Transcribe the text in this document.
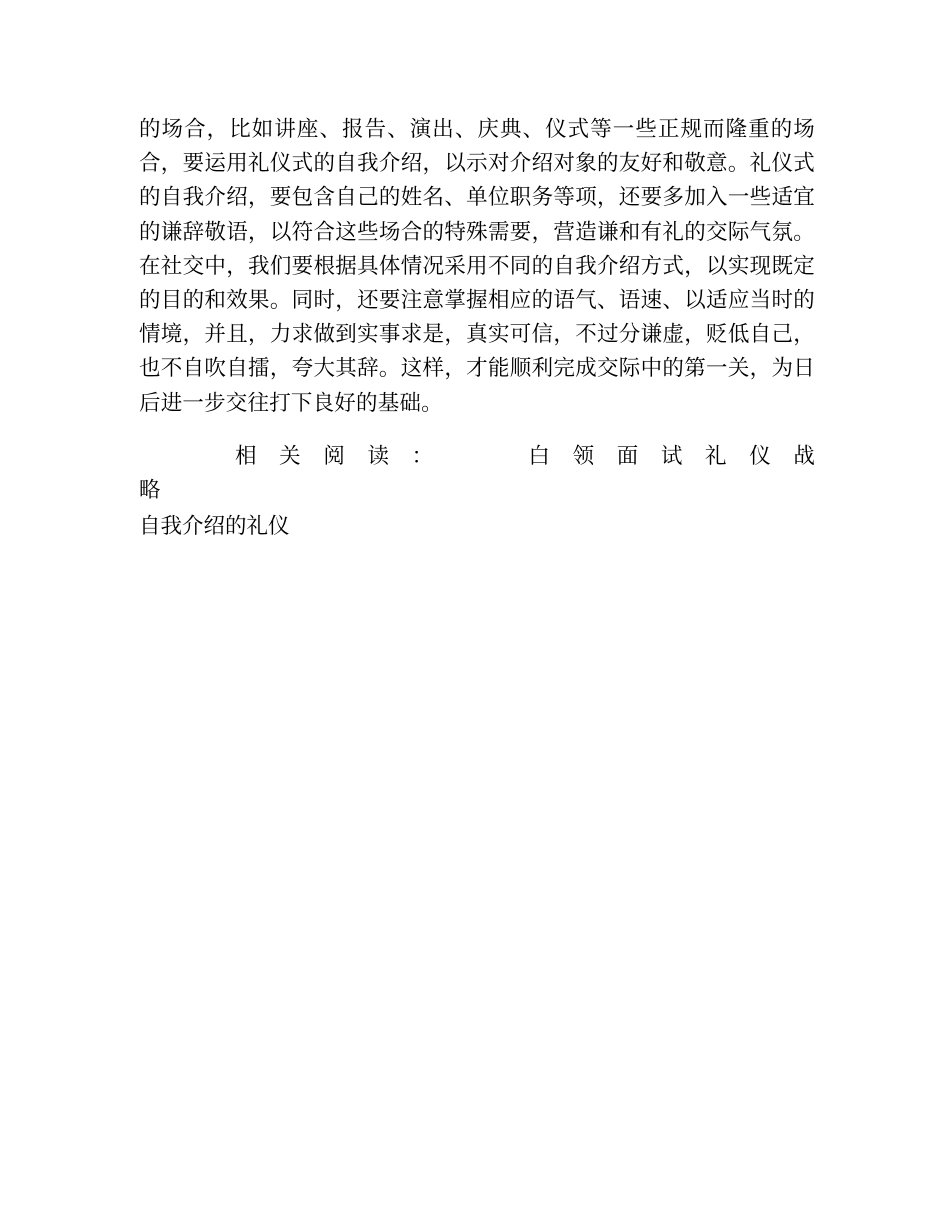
的场合，比如讲座、报告、演出、庆典、仪式等一些正规而隆重的场合，要运用礼仪式的自我介绍，以示对介绍对象的友好和敬意。礼仪式的自我介绍，要包含自己的姓名、单位职务等项，还要多加入一些适宜的谦辞敬语，以符合这些场合的特殊需要，营造谦和有礼的交际气氛。在社交中，我们要根据具体情况采用不同的自我介绍方式，以实现既定的目的和效果。同时，还要注意掌握相应的语气、语速、以适应当时的情境，并且，力求做到实事求是，真实可信，不过分谦虚，贬低自己，也不自吹自擂，夸大其辞。这样，才能顺利完成交际中的第一关，为日后进一步交往打下良好的基础。

相 关 阅 读 ：	白 领 面 试 礼 仪 战
略
自我介绍的礼仪
